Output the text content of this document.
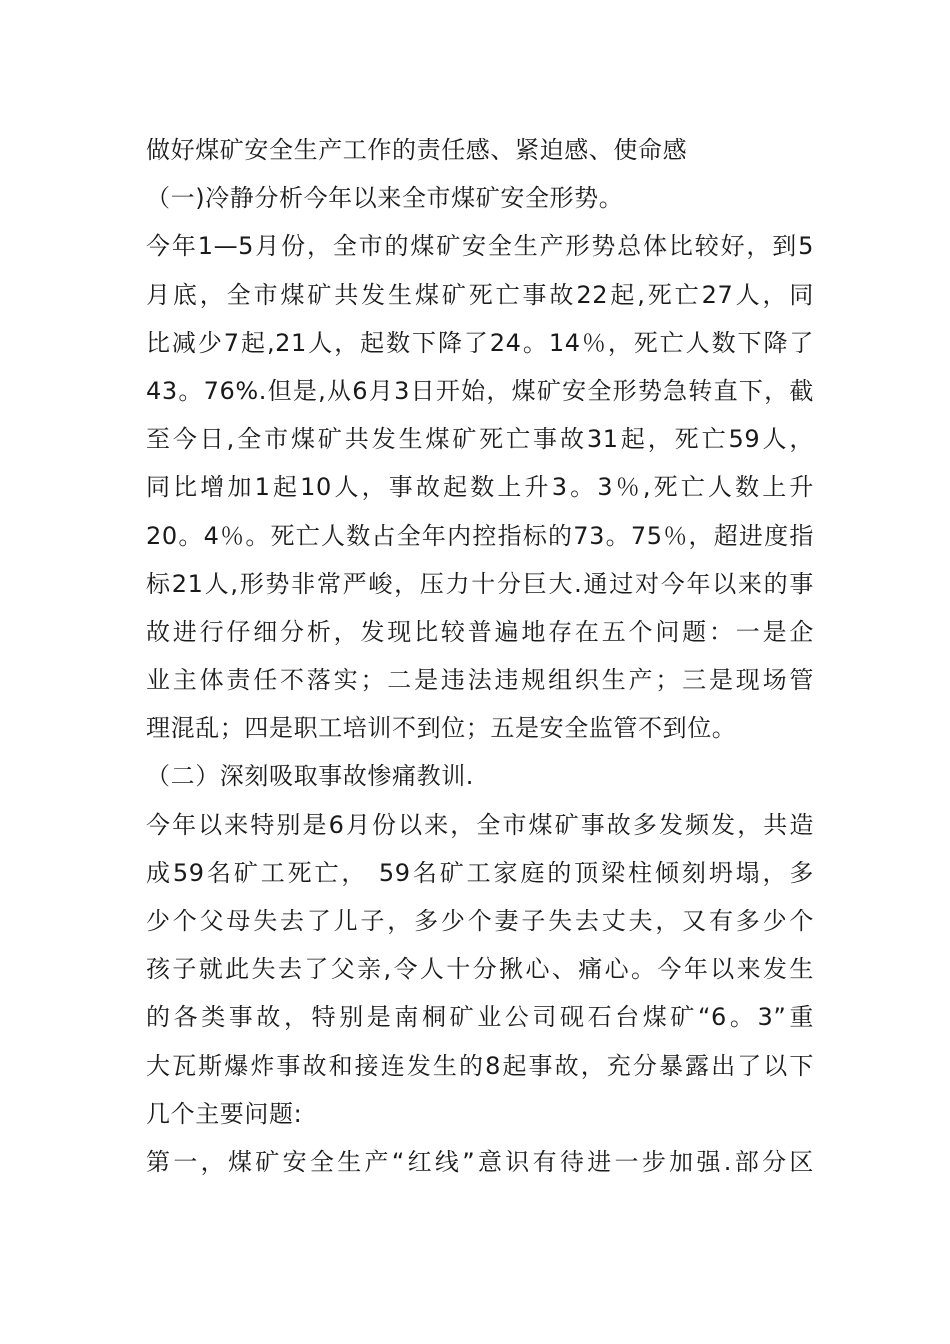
做好煤矿安全生产工作的责任感、紧迫感、使命感
（一)冷静分析今年以来全市煤矿安全形势。
今年1—5月份，全市的煤矿安全生产形势总体比较好，到5
月底，全市煤矿共发生煤矿死亡事故22起,死亡27人，同
比减少7起,21人，起数下降了24。14％，死亡人数下降了
43。76%.但是,从6月3日开始，煤矿安全形势急转直下，截
至今日,全市煤矿共发生煤矿死亡事故31起，死亡59人，
同比增加1起10人，事故起数上升3。3％,死亡人数上升
20。4％。死亡人数占全年内控指标的73。75％，超进度指
标21人,形势非常严峻，压力十分巨大.通过对今年以来的事
故进行仔细分析，发现比较普遍地存在五个问题：一是企
业主体责任不落实；二是违法违规组织生产；三是现场管
理混乱；四是职工培训不到位；五是安全监管不到位。
（二）深刻吸取事故惨痛教训.
今年以来特别是6月份以来，全市煤矿事故多发频发，共造
成59名矿工死亡， 59名矿工家庭的顶梁柱倾刻坍塌，多
少个父母失去了儿子，多少个妻子失去丈夫，又有多少个
孩子就此失去了父亲,令人十分揪心、痛心。今年以来发生
的各类事故，特别是南桐矿业公司砚石台煤矿“6。3”重
大瓦斯爆炸事故和接连发生的8起事故，充分暴露出了以下
几个主要问题:
第一，煤矿安全生产“红线”意识有待进一步加强.部分区
